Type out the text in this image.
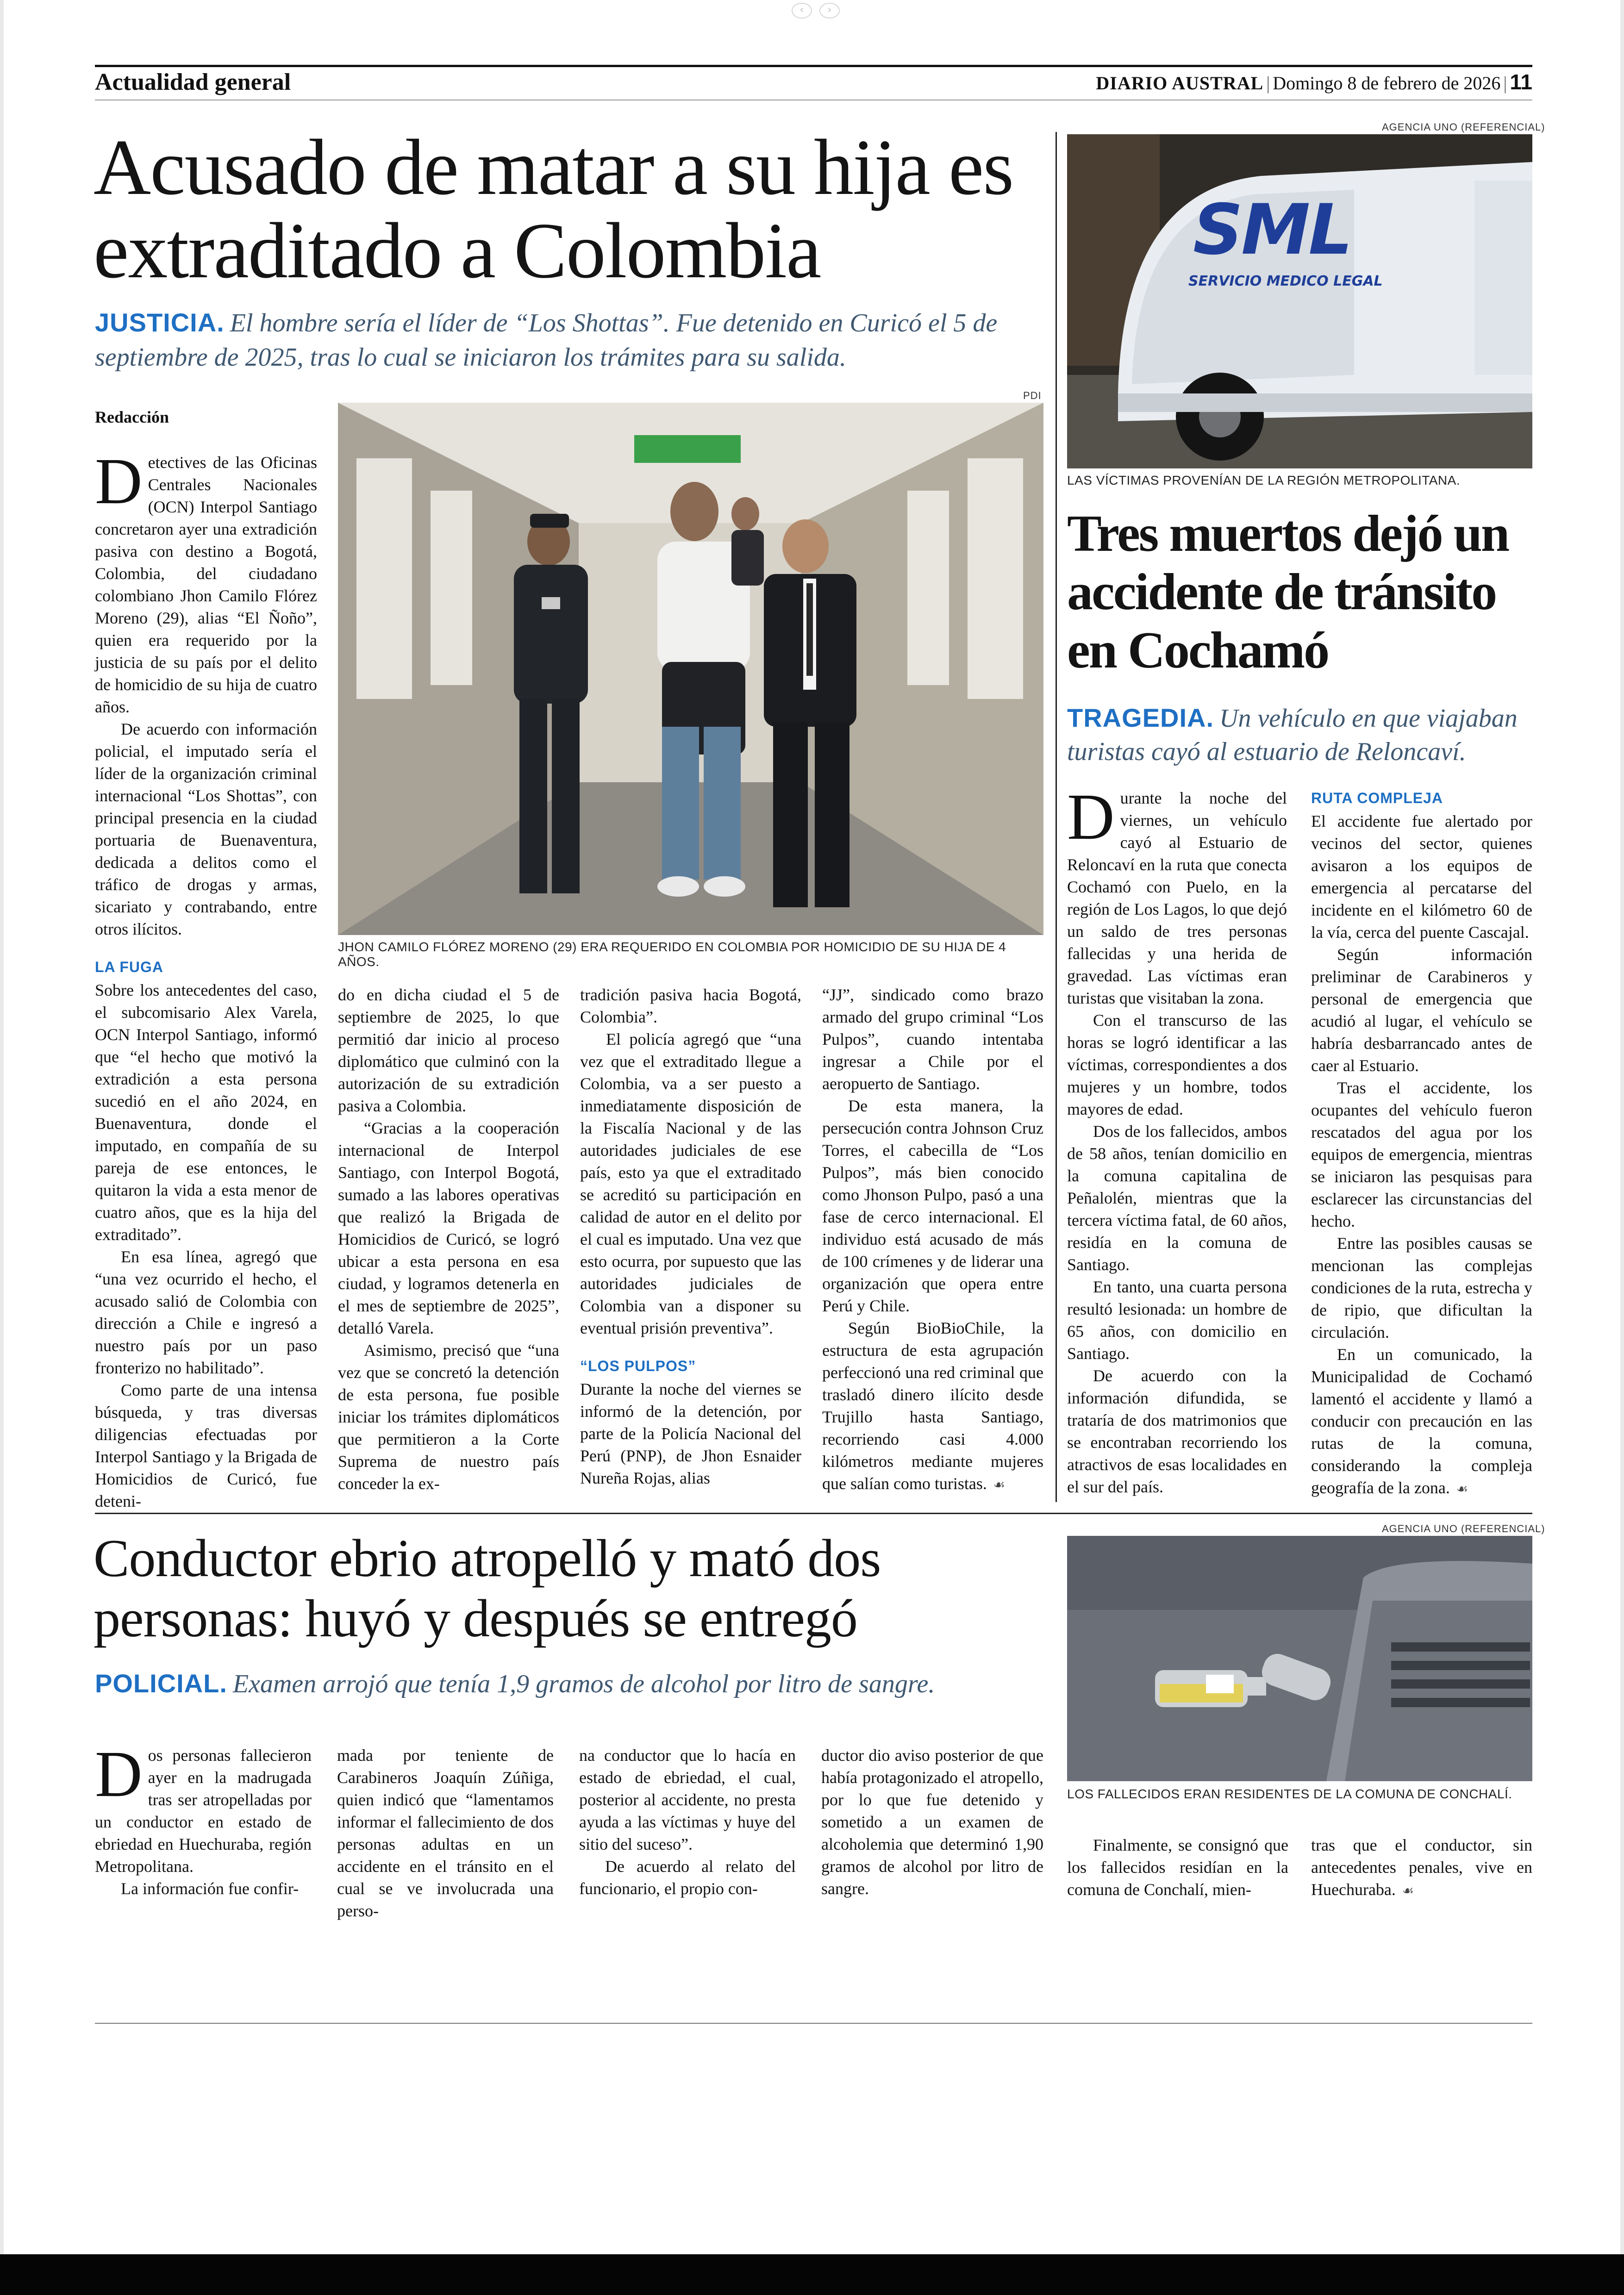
‹	›
Actualidad general	DIARIO AUSTRAL | Domingo 8 de febrero de 2026 | 11
Acusado de matar a su hija es extraditado a Colombia
JUSTICIA. El hombre sería el líder de “Los Shottas”. Fue detenido en Curicó el 5 de septiembre de 2025, tras lo cual se iniciaron los trámites para su salida.
Redacción
PDI
JHON CAMILO FLÓREZ MORENO (29) ERA REQUERIDO EN COLOMBIA POR HOMICIDIO DE SU HIJA DE 4 AÑOS.

Detectives de las Oficinas Centrales Nacionales (OCN) Interpol Santiago concretaron ayer una extradición pasiva con destino a Bogotá, Colombia, del ciudadano colombiano Jhon Camilo Flórez Moreno (29), alias “El Ñoño”, quien era requerido por la justicia de su país por el delito de homicidio de su hija de cuatro años.

De acuerdo con información policial, el imputado sería el líder de la organización criminal internacional “Los Shottas”, con principal presencia en la ciudad portuaria de Buenaventura, dedicada a delitos como el tráfico de drogas y armas, sicariato y contrabando, entre otros ilícitos.

LA FUGA

Sobre los antecedentes del caso, el subcomisario Alex Varela, OCN Interpol Santiago, informó que “el hecho que motivó la extradición a esta persona sucedió en el año 2024, en Buenaventura, donde el imputado, en compañía de su pareja de ese entonces, le quitaron la vida a esta menor de cuatro años, que es la hija del extraditado”.

En esa línea, agregó que “una vez ocurrido el hecho, el acusado salió de Colombia con dirección a Chile e ingresó a nuestro país por un paso fronterizo no habilitado”.

Como parte de una intensa búsqueda, y tras diversas diligencias efectuadas por Interpol Santiago y la Brigada de Homicidios de Curicó, fue deteni-

do en dicha ciudad el 5 de septiembre de 2025, lo que permitió dar inicio al proceso diplomático que culminó con la autorización de su extradición pasiva a Colombia.

“Gracias a la cooperación internacional de Interpol Santiago, con Interpol Bogotá, sumado a las labores operativas que realizó la Brigada de Homicidios de Curicó, se logró ubicar a esta persona en esa ciudad, y logramos detenerla en el mes de septiembre de 2025”, detalló Varela.

Asimismo, precisó que “una vez que se concretó la detención de esta persona, fue posible iniciar los trámites diplomáticos que permitieron a la Corte Suprema de nuestro país conceder la ex-

tradición pasiva hacia Bogotá, Colombia”.

El policía agregó que “una vez que el extraditado llegue a Colombia, va a ser puesto a inmediatamente disposición de la Fiscalía Nacional y de las autoridades judiciales de ese país, esto ya que el extraditado se acreditó su participación en calidad de autor en el delito por el cual es imputado. Una vez que esto ocurra, por supuesto que las autoridades judiciales de Colombia van a disponer su eventual prisión preventiva”.

“LOS PULPOS”

Durante la noche del viernes se informó de la detención, por parte de la Policía Nacional del Perú (PNP), de Jhon Esnaider Nureña Rojas, alias

“JJ”, sindicado como brazo armado del grupo criminal “Los Pulpos”, cuando intentaba ingresar a Chile por el aeropuerto de Santiago.

De esta manera, la persecución contra Johnson Cruz Torres, el cabecilla de “Los Pulpos”, más bien conocido como Jhonson Pulpo, pasó a una fase de cerco internacional. El individuo está acusado de más de 100 crímenes y de liderar una organización que opera entre Perú y Chile.

Según BioBioChile, la estructura de esta agrupación perfeccionó una red criminal que trasladó dinero ilícito desde Trujillo hasta Santiago, recorriendo casi 4.000 kilómetros mediante mujeres que salían como turistas. ☙

AGENCIA UNO (REFERENCIAL)
SML
SERVICIO MEDICO LEGAL
LAS VÍCTIMAS PROVENÍAN DE LA REGIÓN METROPOLITANA.
Tres muertos dejó un accidente de tránsito en Cochamó
TRAGEDIA. Un vehículo en que viajaban turistas cayó al estuario de Reloncaví.

Durante la noche del viernes, un vehículo cayó al Estuario de Reloncaví en la ruta que conecta Cochamó con Puelo, en la región de Los Lagos, lo que dejó un saldo de tres personas fallecidas y una herida de gravedad. Las víctimas eran turistas que visitaban la zona.

Con el transcurso de las horas se logró identificar a las víctimas, correspondientes a dos mujeres y un hombre, todos mayores de edad.

Dos de los fallecidos, ambos de 58 años, tenían domicilio en la comuna capitalina de Peñalolén, mientras que la tercera víctima fatal, de 60 años, residía en la comuna de Santiago.

En tanto, una cuarta persona resultó lesionada: un hombre de 65 años, con domicilio en Santiago.

De acuerdo con la información difundida, se trataría de dos matrimonios que se encontraban recorriendo los atractivos de esas localidades en el sur del país.

RUTA COMPLEJA

El accidente fue alertado por vecinos del sector, quienes avisaron a los equipos de emergencia al percatarse del incidente en el kilómetro 60 de la vía, cerca del puente Cascajal.

Según información preliminar de Carabineros y personal de emergencia que acudió al lugar, el vehículo se habría desbarrancado antes de caer al Estuario.

Tras el accidente, los ocupantes del vehículo fueron rescatados del agua por los equipos de emergencia, mientras se iniciaron las pesquisas para esclarecer las circunstancias del hecho.

Entre las posibles causas se mencionan las complejas condiciones de la ruta, estrecha y de ripio, que dificultan la circulación.

En un comunicado, la Municipalidad de Cochamó lamentó el accidente y llamó a conducir con precaución en las rutas de la comuna, considerando la compleja geografía de la zona. ☙

Conductor ebrio atropelló y mató dos personas: huyó y después se entregó
POLICIAL. Examen arrojó que tenía 1,9 gramos de alcohol por litro de sangre.
AGENCIA UNO (REFERENCIAL)
LOS FALLECIDOS ERAN RESIDENTES DE LA COMUNA DE CONCHALÍ.

Dos personas fallecieron ayer en la madrugada tras ser atropelladas por un conductor en estado de ebriedad en Huechuraba, región Metropolitana.

La información fue confir-

mada por teniente de Carabineros Joaquín Zúñiga, quien indicó que “lamentamos informar el fallecimiento de dos personas adultas en un accidente en el tránsito en el cual se ve involucrada una perso-

na conductor que lo hacía en estado de ebriedad, el cual, posterior al accidente, no presta ayuda a las víctimas y huye del sitio del suceso”.

De acuerdo al relato del funcionario, el propio con-

ductor dio aviso posterior de que había protagonizado el atropello, por lo que fue detenido y sometido a un examen de alcoholemia que determinó 1,90 gramos de alcohol por litro de sangre.

Finalmente, se consignó que los fallecidos residían en la comuna de Conchalí, mien-

tras que el conductor, sin antecedentes penales, vive en Huechuraba. ☙
